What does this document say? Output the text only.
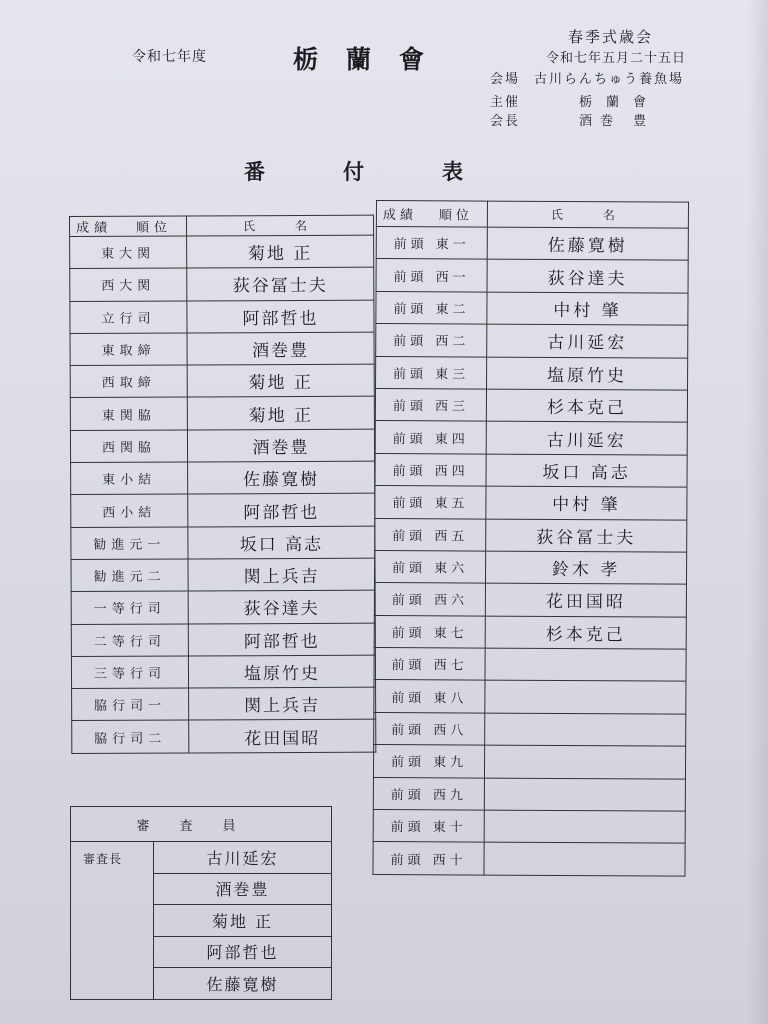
令和七年度	栃蘭會
春季式歳会
令和七年五月二十五日
会場 古川らんちゅう養魚場
主催	栃蘭會
会長	酒巻 豊
番付表
成績 順位	氏名
東大関	菊地 正
西大関	荻谷冨士夫
立行司	阿部哲也
東取締	酒巻豊
西取締	菊地 正
東関脇	菊地 正
西関脇	酒巻豊
東小結	佐藤寛樹
西小結	阿部哲也
勧進元一	坂口 高志
勧進元二	関上兵吉
一等行司	荻谷達夫
二等行司	阿部哲也
三等行司	塩原竹史
脇行司一	関上兵吉
脇行司二	花田国昭
成績 順位	氏名
前頭 東一	佐藤寛樹
前頭 西一	荻谷達夫
前頭 東二	中村 肇
前頭 西二	古川延宏
前頭 東三	塩原竹史
前頭 西三	杉本克己
前頭 東四	古川延宏
前頭 西四	坂口 高志
前頭 東五	中村 肇
前頭 西五	荻谷冨士夫
前頭 東六	鈴木 孝
前頭 西六	花田国昭
前頭 東七	杉本克己
前頭 西七	
前頭 東八	
前頭 西八	
前頭 東九	
前頭 西九	
前頭 東十	
前頭 西十	
審査員
審査長	古川延宏
酒巻豊
菊地 正
阿部哲也
佐藤寛樹
